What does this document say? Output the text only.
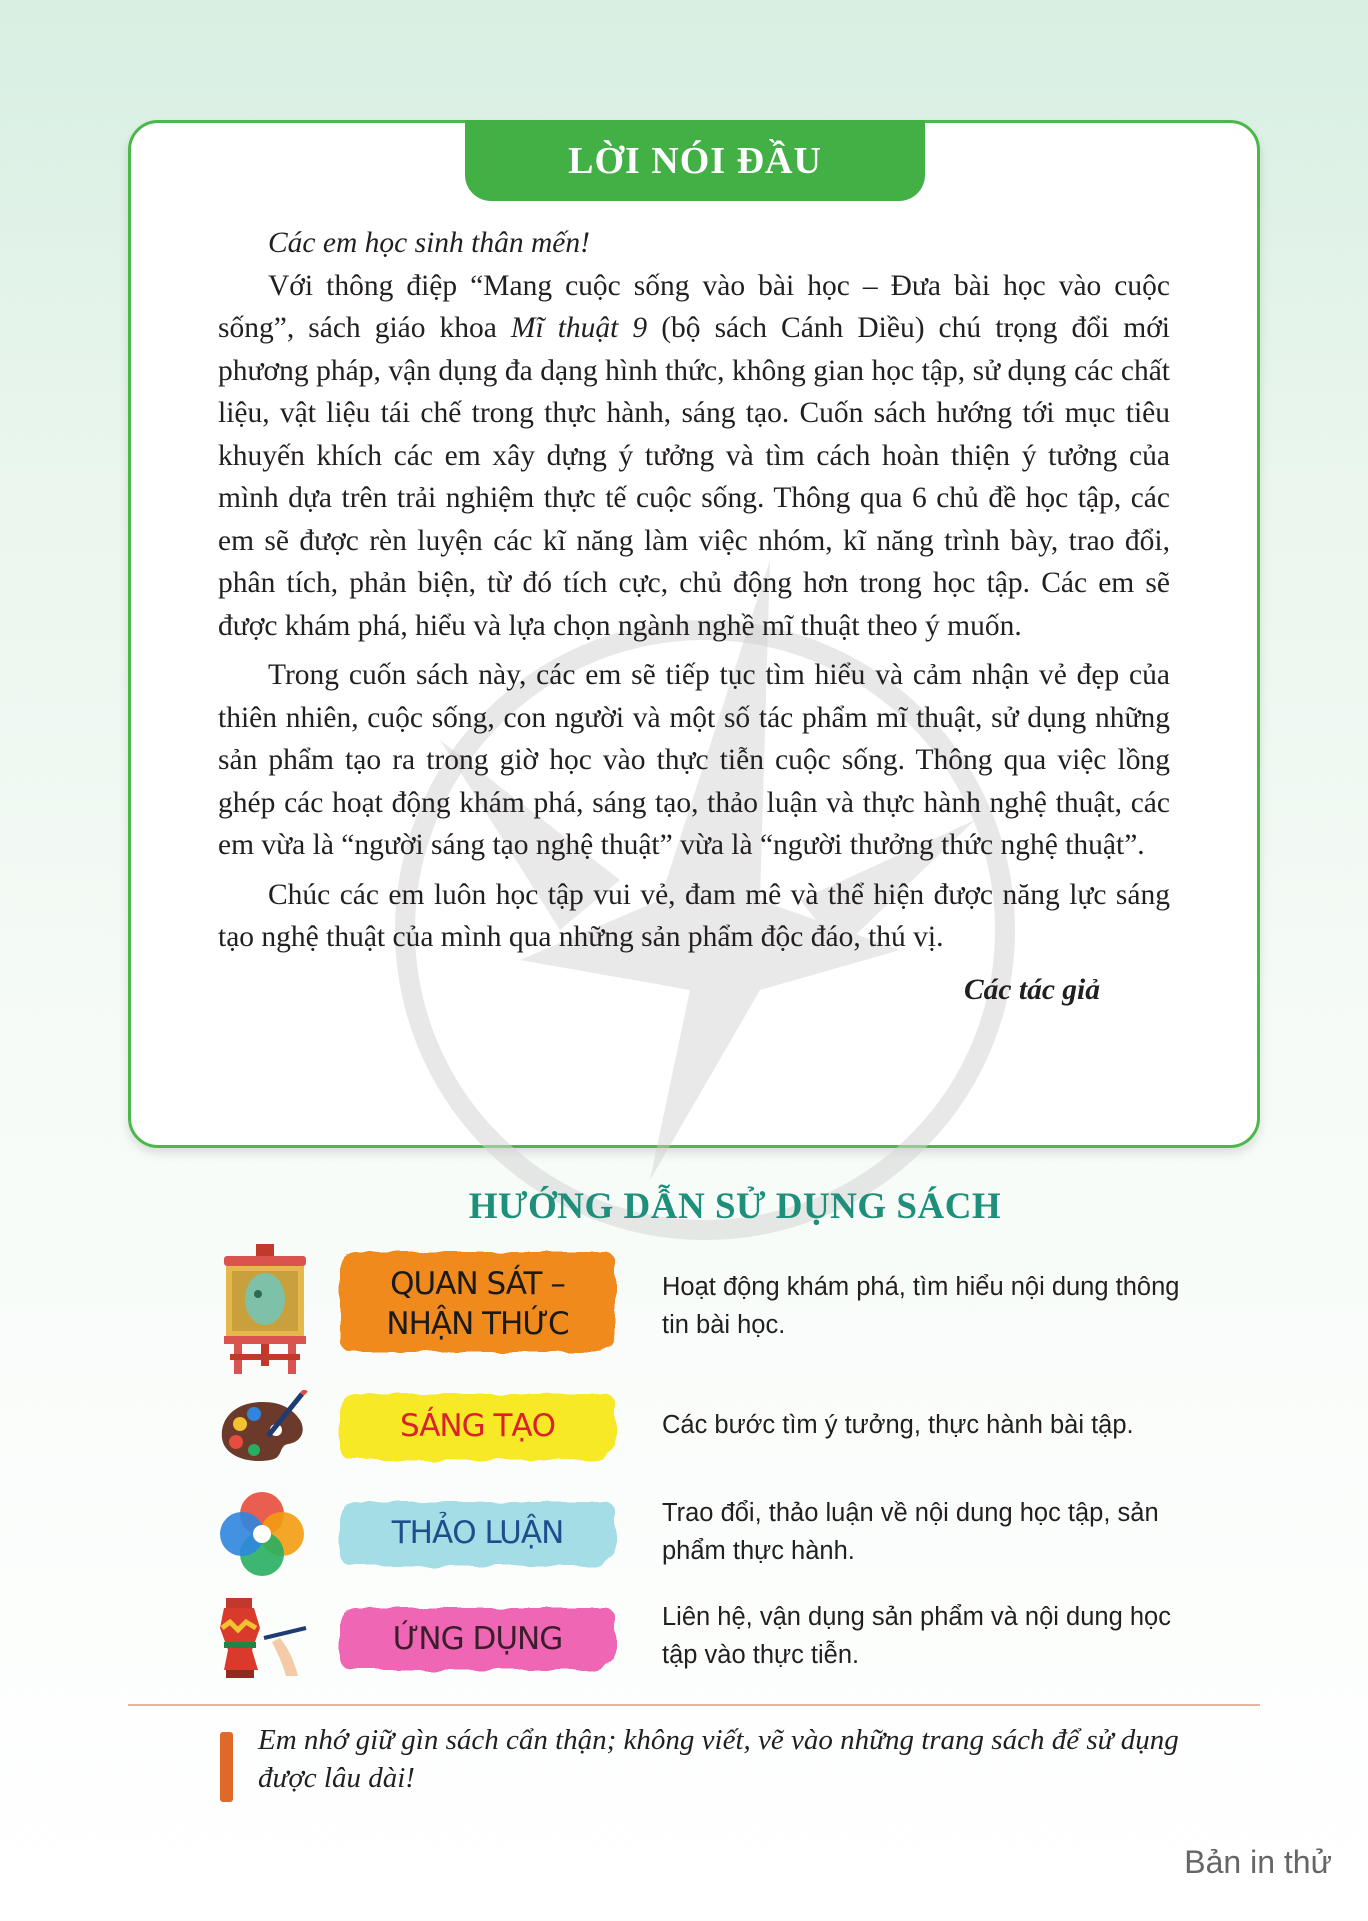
LỜI NÓI ĐẦU
Các em học sinh thân mến!

Với thông điệp “Mang cuộc sống vào bài học – Đưa bài học vào cuộc sống”, sách giáo khoa Mĩ thuật 9 (bộ sách Cánh Diều) chú trọng đổi mới phương pháp, vận dụng đa dạng hình thức, không gian học tập, sử dụng các chất liệu, vật liệu tái chế trong thực hành, sáng tạo. Cuốn sách hướng tới mục tiêu khuyến khích các em xây dựng ý tưởng và tìm cách hoàn thiện ý tưởng của mình dựa trên trải nghiệm thực tế cuộc sống. Thông qua 6 chủ đề học tập, các em sẽ được rèn luyện các kĩ năng làm việc nhóm, kĩ năng trình bày, trao đổi, phân tích, phản biện, từ đó tích cực, chủ động hơn trong học tập. Các em sẽ được khám phá, hiểu và lựa chọn ngành nghề mĩ thuật theo ý muốn.

Trong cuốn sách này, các em sẽ tiếp tục tìm hiểu và cảm nhận vẻ đẹp của thiên nhiên, cuộc sống, con người và một số tác phẩm mĩ thuật, sử dụng những sản phẩm tạo ra trong giờ học vào thực tiễn cuộc sống. Thông qua việc lồng ghép các hoạt động khám phá, sáng tạo, thảo luận và thực hành nghệ thuật, các em vừa là “người sáng tạo nghệ thuật” vừa là “người thưởng thức nghệ thuật”.

Chúc các em luôn học tập vui vẻ, đam mê và thể hiện được năng lực sáng tạo nghệ thuật của mình qua những sản phẩm độc đáo, thú vị.

Các tác giả
HƯỚNG DẪN SỬ DỤNG SÁCH
QUAN SÁT –
NHẬN THỨC
Hoạt động khám phá, tìm hiểu nội dung thông tin bài học.
SÁNG TẠO	Các bước tìm ý tưởng, thực hành bài tập.
THẢO LUẬN
Trao đổi, thảo luận về nội dung học tập, sản phẩm thực hành.
ỨNG DỤNG
Liên hệ, vận dụng sản phẩm và nội dung học tập vào thực tiễn.
Em nhớ giữ gìn sách cẩn thận; không viết, vẽ vào những trang sách để sử dụng được lâu dài!
Bản in thử
